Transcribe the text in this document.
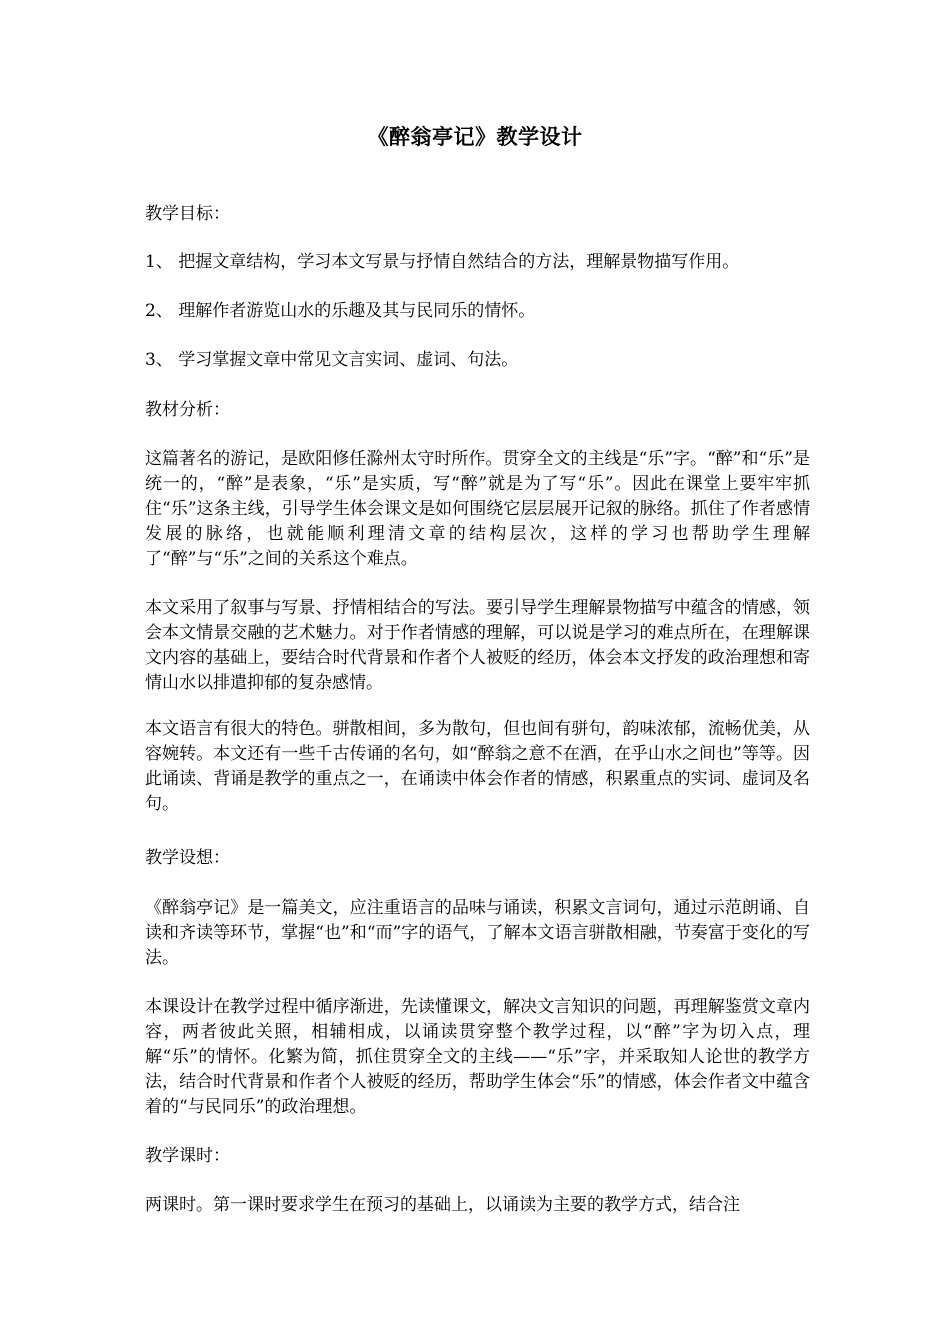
《醉翁亭记》教学设计

教学目标：

1、 把握文章结构，学习本文写景与抒情自然结合的方法，理解景物描写作用。

2、 理解作者游览山水的乐趣及其与民同乐的情怀。

3、 学习掌握文章中常见文言实词、虚词、句法。

教材分析：

这篇著名的游记，是欧阳修任滁州太守时所作。贯穿全文的主线是“乐”字。“醉”和“乐”是统一的，“醉”是表象，“乐”是实质，写“醉”就是为了写“乐”。因此在课堂上要牢牢抓住“乐”这条主线，引导学生体会课文是如何围绕它层层展开记叙的脉络。抓住了作者感情发展的脉络，也就能顺利理清文章的结构层次，这样的学习也帮助学生理解了“醉”与“乐”之间的关系这个难点。

本文采用了叙事与写景、抒情相结合的写法。要引导学生理解景物描写中蕴含的情感，领会本文情景交融的艺术魅力。对于作者情感的理解，可以说是学习的难点所在，在理解课文内容的基础上，要结合时代背景和作者个人被贬的经历，体会本文抒发的政治理想和寄情山水以排遣抑郁的复杂感情。

本文语言有很大的特色。骈散相间，多为散句，但也间有骈句，韵味浓郁，流畅优美，从容婉转。本文还有一些千古传诵的名句，如“醉翁之意不在酒，在乎山水之间也”等等。因此诵读、背诵是教学的重点之一，在诵读中体会作者的情感，积累重点的实词、虚词及名句。

教学设想：

《醉翁亭记》是一篇美文，应注重语言的品味与诵读，积累文言词句，通过示范朗诵、自读和齐读等环节，掌握“也”和“而”字的语气，了解本文语言骈散相融，节奏富于变化的写法。

本课设计在教学过程中循序渐进，先读懂课文，解决文言知识的问题，再理解鉴赏文章内容，两者彼此关照，相辅相成，以诵读贯穿整个教学过程，以“醉”字为切入点，理解“乐”的情怀。化繁为简，抓住贯穿全文的主线——“乐”字，并采取知人论世的教学方法，结合时代背景和作者个人被贬的经历，帮助学生体会“乐”的情感，体会作者文中蕴含着的“与民同乐”的政治理想。

教学课时：

两课时。第一课时要求学生在预习的基础上，以诵读为主要的教学方式，结合注
